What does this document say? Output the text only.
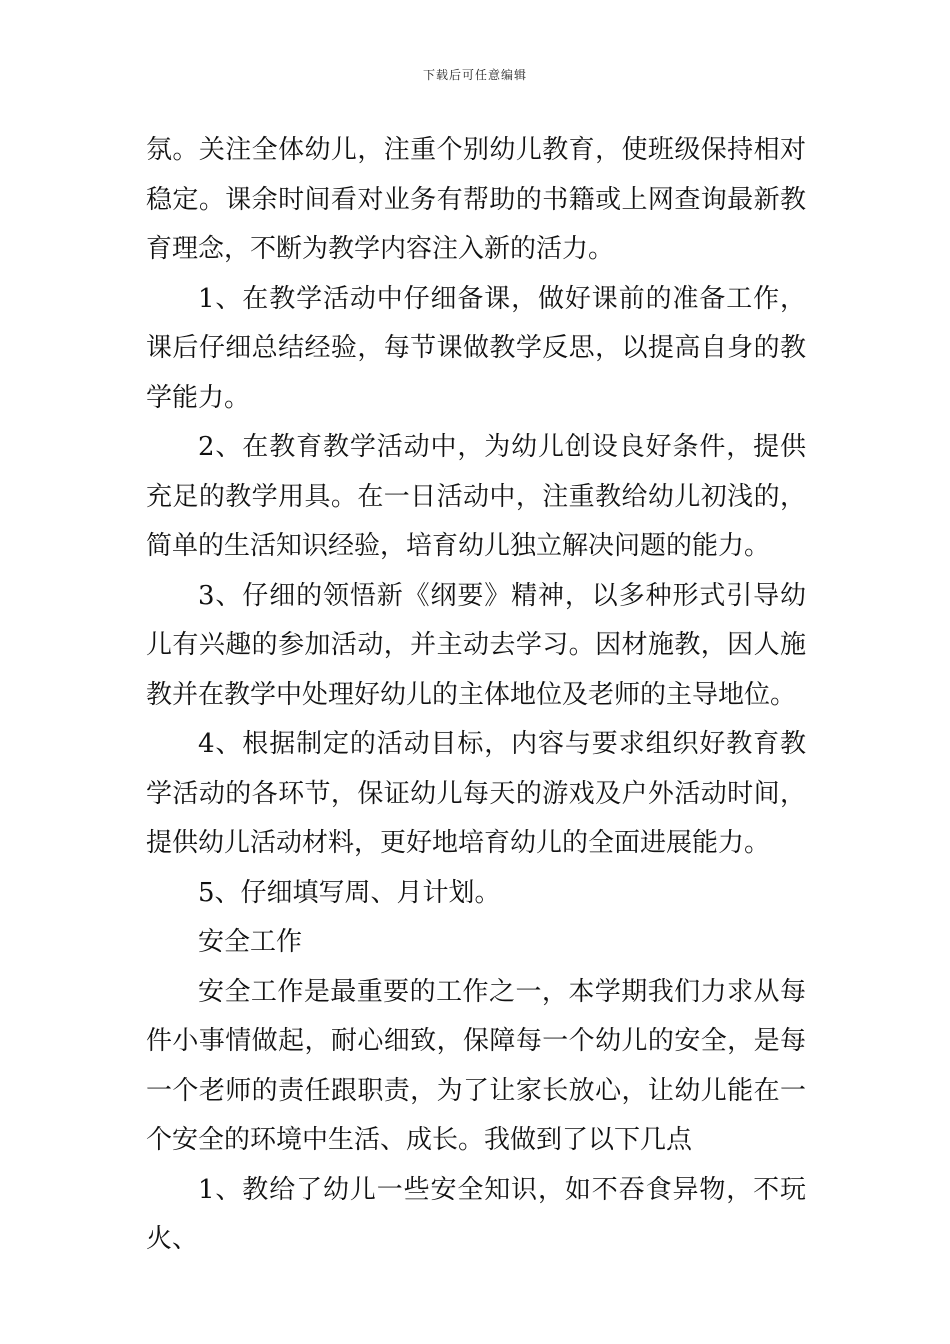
下载后可任意编辑

氛。关注全体幼儿，注重个别幼儿教育，使班级保持相对稳定。课余时间看对业务有帮助的书籍或上网查询最新教育理念，不断为教学内容注入新的活力。

1、在教学活动中仔细备课，做好课前的准备工作，课后仔细总结经验，每节课做教学反思，以提高自身的教学能力。

2、在教育教学活动中，为幼儿创设良好条件，提供充足的教学用具。在一日活动中，注重教给幼儿初浅的，简单的生活知识经验，培育幼儿独立解决问题的能力。

3、仔细的领悟新《纲要》精神，以多种形式引导幼儿有兴趣的参加活动，并主动去学习。因材施教，因人施教并在教学中处理好幼儿的主体地位及老师的主导地位。

4、根据制定的活动目标，内容与要求组织好教育教学活动的各环节，保证幼儿每天的游戏及户外活动时间，提供幼儿活动材料，更好地培育幼儿的全面进展能力。

5、仔细填写周、月计划。

安全工作

安全工作是最重要的工作之一，本学期我们力求从每件小事情做起，耐心细致，保障每一个幼儿的安全，是每一个老师的责任跟职责，为了让家长放心，让幼儿能在一个安全的环境中生活、成长。我做到了以下几点

1、教给了幼儿一些安全知识，如不吞食异物，不玩火、
